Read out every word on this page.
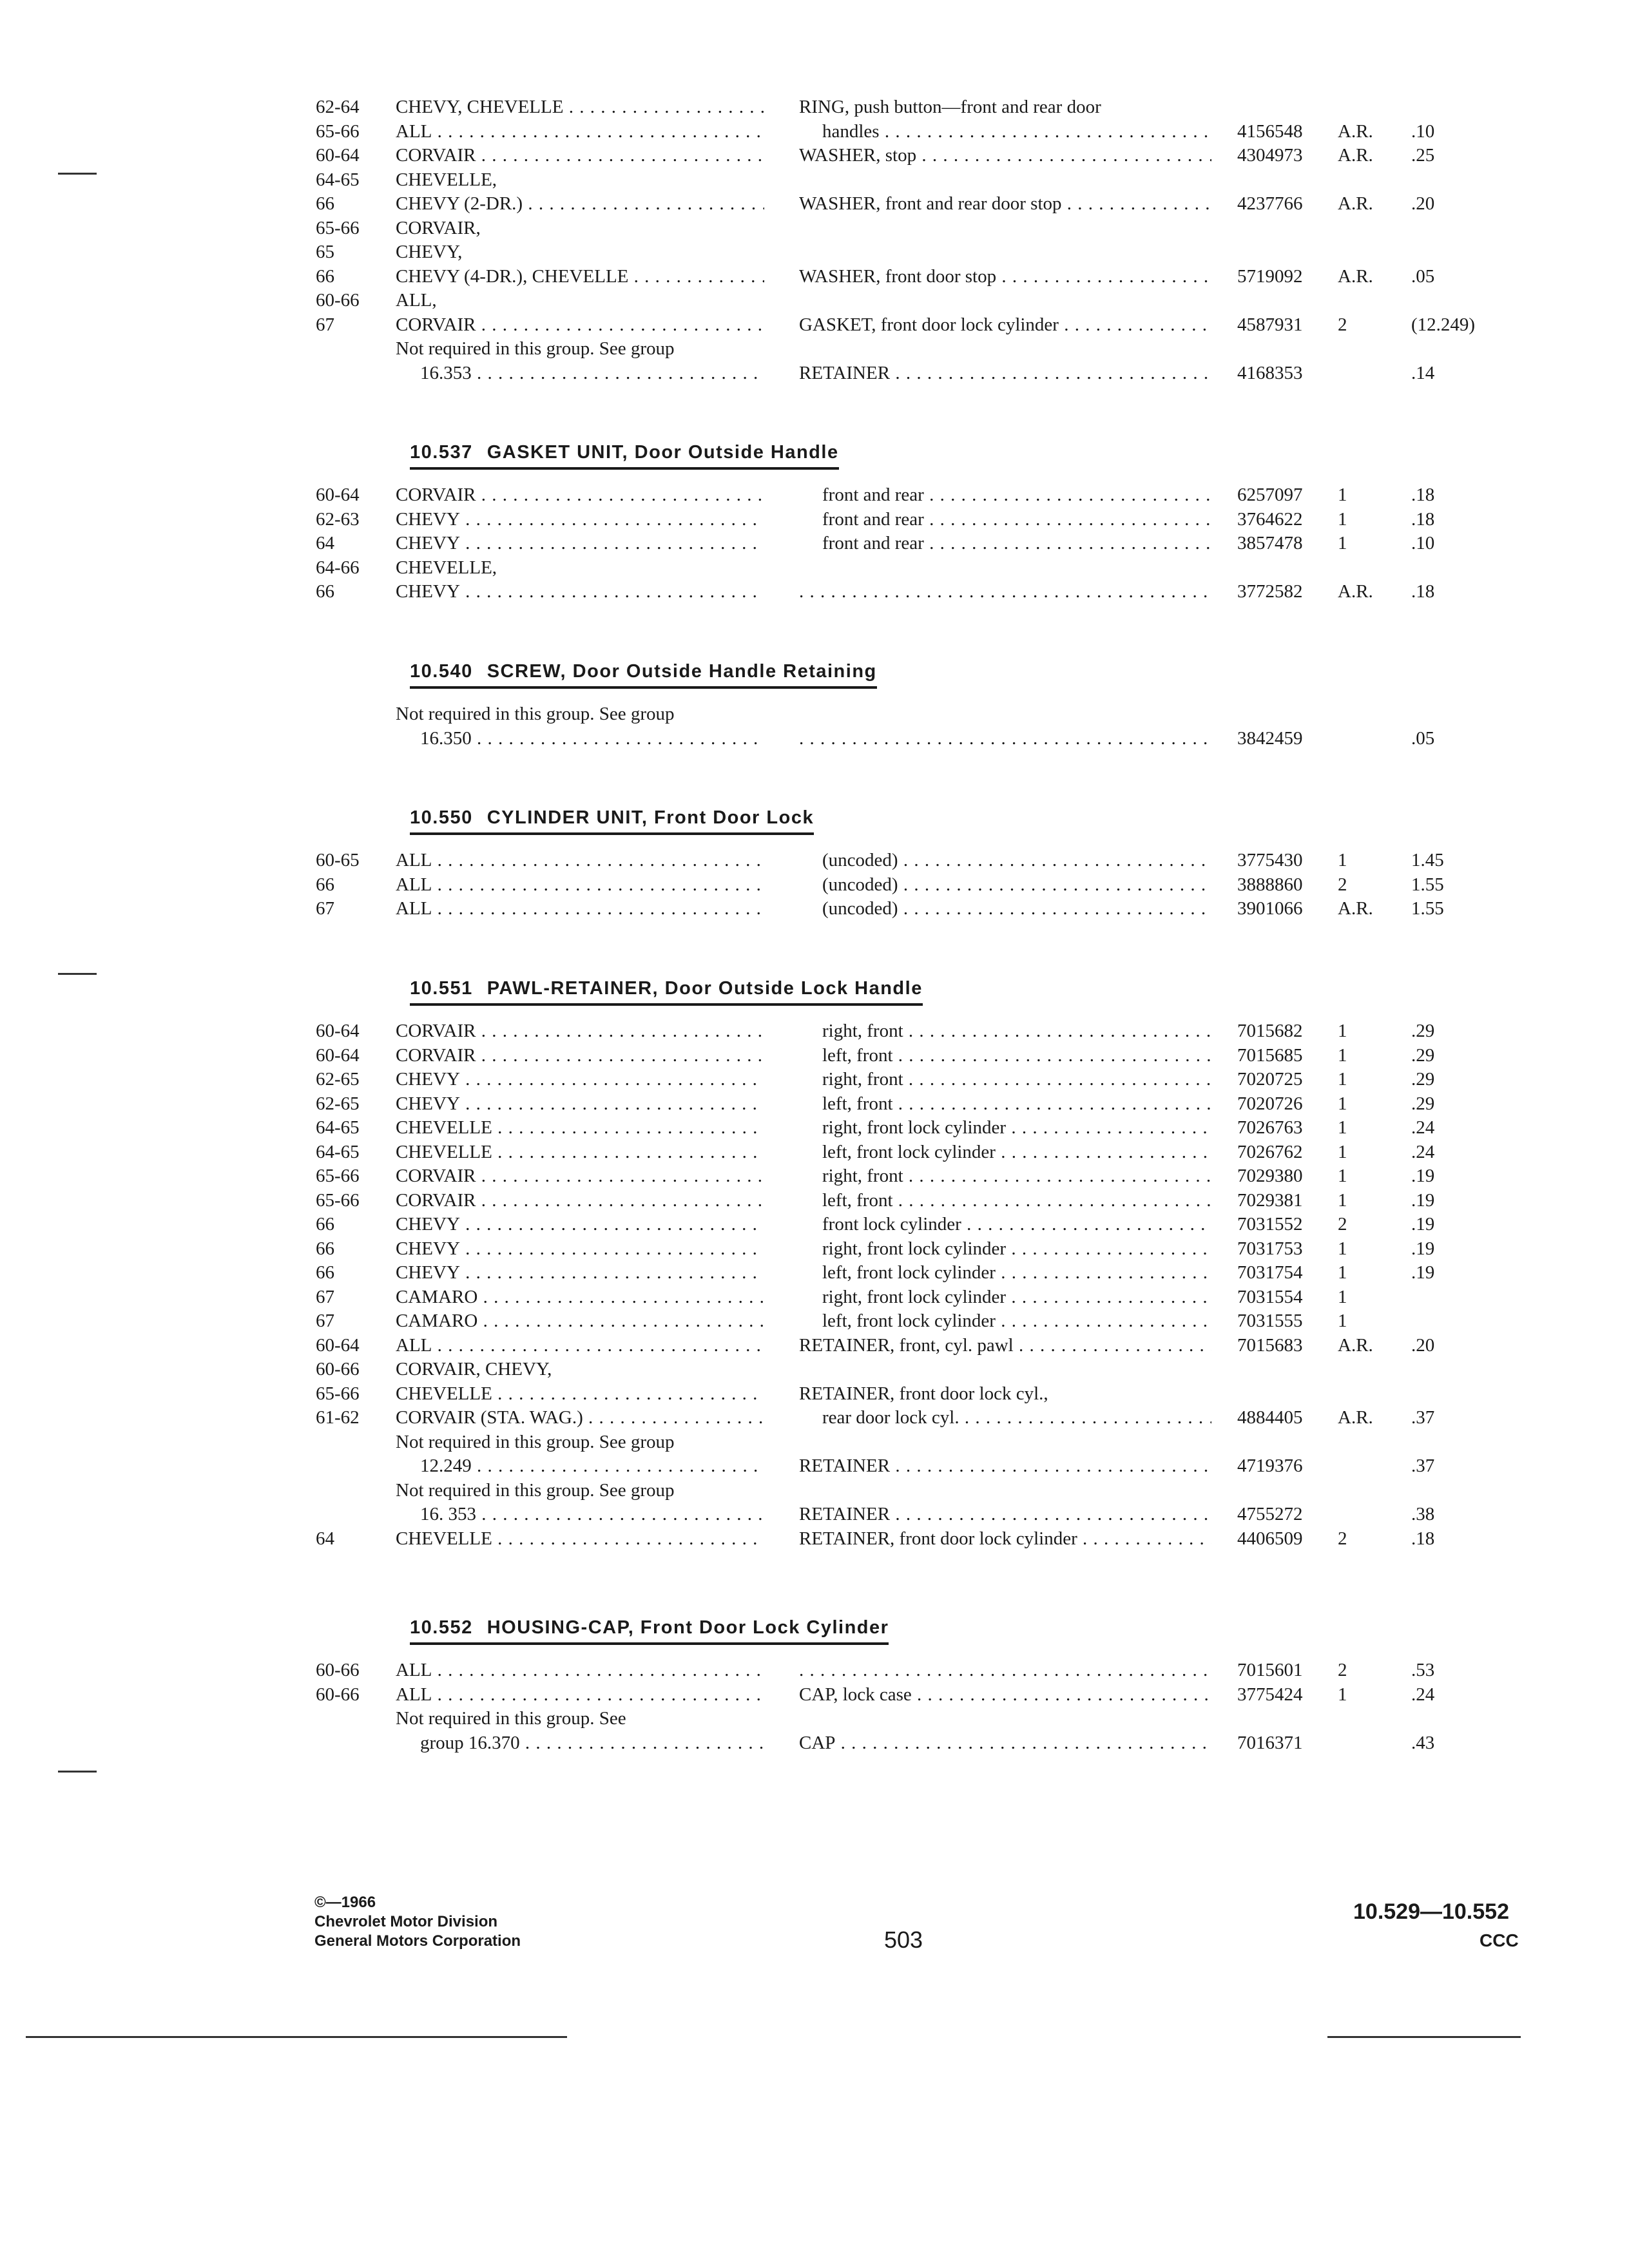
62-64 CHEVY, CHEVELLE . . .	RING, push button—front and rear door
65-66 ALL . . .	handles . . .	4156548 A.R. .10
60-64 CORVAIR . . .	WASHER, stop . . .	4304973 A.R. .25
64-65 CHEVELLE,
66	CHEVY (2-DR.) . . .	WASHER, front and rear door stop . . .	4237766 A.R. .20
65-66 CORVAIR,
65	CHEVY,
66	CHEVY (4-DR.), CHEVELLE . . .	WASHER, front door stop . . .	5719092 A.R. .05
60-66 ALL,
67	CORVAIR . . .	GASKET, front door lock cylinder . . .	4587931 2	(12.249)
Not required in this group. See group
16.353 . . .	RETAINER . . .	4168353	.14
10.537 GASKET UNIT, Door Outside Handle
60-64 CORVAIR . . .	front and rear . . .	6257097 1	.18
62-63 CHEVY . . .	front and rear . . .	3764622 1	.18
64	CHEVY . . .	front and rear . . .	3857478 1	.10
64-66 CHEVELLE,
66	CHEVY . . . . . .	3772582 A.R. .18
10.540 SCREW, Door Outside Handle Retaining
Not required in this group. See group
16.350 . . . . . .	3842459	.05
10.550 CYLINDER UNIT, Front Door Lock
60-65 ALL . . .	(uncoded) . . .	3775430 1	1.45
66	ALL . . .	(uncoded) . . .	3888860 2	1.55
67	ALL . . .	(uncoded) . . .	3901066 A.R. 1.55
10.551 PAWL-RETAINER, Door Outside Lock Handle
60-64 CORVAIR . . .	right, front . . .	7015682 1	.29
60-64 CORVAIR . . .	left, front . . .	7015685 1	.29
62-65 CHEVY . . .	right, front . . .	7020725 1	.29
62-65 CHEVY . . .	left, front . . .	7020726 1	.29
64-65 CHEVELLE . . .	right, front lock cylinder . . .	7026763 1	.24
64-65 CHEVELLE . . .	left, front lock cylinder . . .	7026762 1	.24
65-66 CORVAIR . . .	right, front . . .	7029380 1	.19
65-66 CORVAIR . . .	left, front . . .	7029381 1	.19
66	CHEVY . . .	front lock cylinder . . .	7031552 2	.19
66	CHEVY . . .	right, front lock cylinder . . .	7031753 1	.19
66	CHEVY . . .	left, front lock cylinder . . .	7031754 1	.19
67	CAMARO . . .	right, front lock cylinder . . .	7031554 1
67	CAMARO . . .	left, front lock cylinder . . .	7031555 1
60-64 ALL . . .	RETAINER, front, cyl. pawl . . .	7015683 A.R. .20
60-66 CORVAIR, CHEVY,
65-66 CHEVELLE . . .	RETAINER, front door lock cyl.,
61-62 CORVAIR (STA. WAG.) . . .	rear door lock cyl. . . .	4884405 A.R. .37
Not required in this group. See group
12.249 . . .	RETAINER . . .	4719376	.37
Not required in this group. See group
16. 353 . . .	RETAINER . . .	4755272	.38
64	CHEVELLE . . .	RETAINER, front door lock cylinder . . .	4406509 2	.18
10.552 HOUSING-CAP, Front Door Lock Cylinder
60-66 ALL . . . . . .	7015601 2	.53
60-66 ALL . . .	CAP, lock case . . .	3775424 1	.24
Not required in this group. See
group 16.370 . . .	CAP . . .	7016371	.43
©—1966
Chevrolet Motor Division
General Motors Corporation	503
10.529—10.552
CCC
